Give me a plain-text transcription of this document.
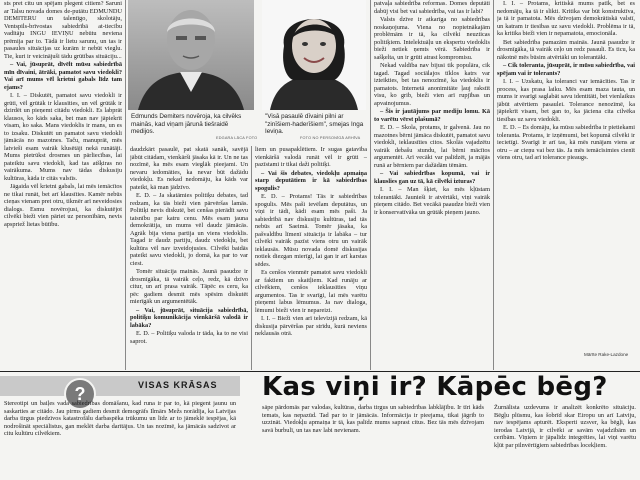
sts pret citu un spējam plegent citiem? Saruni ar Talsu novada domes de-putātu EDMUNDU DEMITERU un talentīgo, skolotāju, Ventspils-brīvostas sabiedrībā at-tiecību vadītāju INGU IEVIŅU nebūtu neviena prēmija par to. Tādā ir lietu sarunu, un tas ir pasaules situācijas uz kurām ir nebūt vieglu. Tie, kuri ir veicinājuši tādu grūtības situāciju...

– Vai, jūsuprāt, dīvēlt mūsu sabiedrībā mīn dīvaini, ātrāki, pamatot savu viedokli? Vai arī mums vēl krietni gabals līdz tam ejams?

I. I. – Diskutēt, pamatot savu viedokli ir grūti, vēl grūtāk ir klausīties, un vēl grūtāk ir dzirdēt un pieņemt citādu viedokli. Es labprāt klausos, ko kāds saka, bet man nav jāpiekrīt visam, ko saka. Mans viedoklis ir mans, un es to izsaku. Diskutēt un pamatot savu viedokli jāmācās no mazotnes. Taču, manuprāt, mēs latvieši esam vairāk klusētāji nekā runātāji. Mums pietrūkst drosmes un pārliecības, lai pateiktu savu viedokli, kad tas atšķiras no vairākuma. Mums nav tādas diskusiju kultūras, kāda ir citās valstīs.

Jāgaida vēl krietni gabals, lai mēs iemācītos ne tikai runāt, bet arī klausīties. Kamēr nebūs cieņas vienam pret otru, tikmēr arī neveidosies dialogs. Esmu novērojusi, ka diskutējot cilvēki bieži vien pāriet uz personībām, nevis apspriež lietas būtību.

Edmunds Demiters novēroja, ka cilvēks mainās, kad viņam jārunā tiešraidē medijos.
EDGARA LĀCA FOTO
"Visā pasaulē dīvaini pilni ar "zinīšiem-haderīšiem", smejas Inga Ieviņa.
FOTO NO PERSONĪGĀ ARHĪVA

daudzkārt pasaulē, pat skatā sanāk, savējā jābūt citādam, vienkārši jāsaka kā ir. Un ne tas nozīmē, ka mēs esam vieglāk pieejami. Un nevaru iedomāties, ka nevar būt dažādu viedokļu. Es nekad nedomāju, ka kāds var pateikt, kā man jādzīvo.

E. D. – Ja skatāmies politiķu debates, tad redzam, ka tās bieži vien pārvēršas lamās. Politiķi nevis diskutē, bet cenšas pierādīt savu taisnību par katru cenu. Mēs esam jauna demokrātija, un mums vēl daudz jāmācās. Agrāk bija viena partija un viens viedoklis. Tagad ir daudz partiju, daudz viedokļu, bet kultūra vēl nav izveidojusies. Cilvēki baidās pateikt savu viedokli, jo domā, ka par to var ciest.

Tomēr situācija mainās. Jaunā paaudze ir drosmīgāka, tā vairāk ceļo, redz, kā dzīvo citur, un arī prasa vairāk. Tāpēc es ceru, ka pēc gadiem desmit mēs spēsim diskutēt mierīgāk un argumentētāk.

– Vai, jūsuprāt, situācija sabiedrībā, politiķu komunikācija vienkāršā valodā ir labāka?

E. D. – Politiķu valoda ir tāda, ka to ne visi saprot.

liem un pusapaklētiem. Ir sugas gatavība vienkāršā valodā runāt vēl ir grūti – pazīstami ir tikai daži politiķi.

– Vai šis debates, viedokļu apmaiņa starp deputātiem ir kā sabiedrības spogulis?

E. D. – Protams! Tās ir sabiedrības spogulis. Mēs paši ievēlam deputātus, un viņi ir tādi, kādi esam mēs paši. Ja sabiedrībā nav diskusiju kultūras, tad tās nebūs arī Saeimā. Tomēr jāsaka, ka pašvaldību līmenī situācija ir labāka – tur cilvēki vairāk pazīst viens otru un vairāk ieklausās. Mūsu novada domē diskusijas notiek diezgan mierīgi, lai gan ir arī karstas sēdes.

Es cenšos vienmēr pamatot savu viedokli ar faktiem un skaitļiem. Kad runāju ar cilvēkiem, cenšos ieklausīties viņu argumentos. Tas ir svarīgi, lai mēs varētu pieņemt labus lēmumus. Ja nav dialoga, lēmumi bieži vien ir nepareizi.

I. I. – Bieži vien arī televīzijā redzam, kā diskusija pārvēršas par strīdu, kurā neviens neklausās otrā.

patvaļa sabiedrība reformas. Domes deputāti dabūj visi bet vai sabiedrība, vai tas ir labi?

Valsts dzīve ir atkarīga no sabiedrības noskaņojuma. Viena no nopietnākajām problēmām ir tā, ka cilvēki neuzticas politiķiem. Intelektuāļu un ekspertu viedoklis bieži netiek ņemts vērā. Sabiedrība ir sašķelta, un ir grūti atrast kompromisu.

Nekad valdība nav bijusi tik populāra, cik tagad. Tagad sociālajos tīklos katrs var izteikties, bet tas nenozīmē, ka viedoklis ir pamatots. Internetā anonimitāte ļauj rakstīt visu, ko grib, bieži vien arī rupjības un apvainojumus.

– Šis ir jautājums par mediju lomu. Kā to varētu vērst plašumā?

E. D. – Skola, protams, ir galvenā. Jau no mazotnes bērni jāmāca diskutēt, pamatot savu viedokli, ieklausīties citos. Skolās vajadzētu vairāk debašu stundu, lai bērni mācītos argumentēt. Arī vecāki var palīdzēt, ja mājās runā ar bērniem par dažādām tēmām.

– Vai sabiedrības kopumā, vai ir klauslies gan uz tā, kā cilvēki izturas?

I. I. – Man šķiet, ka mēs kļūstam tolerantāki. Jaunieši ir atvērtāki, viņi vairāk pieņem citādo. Bet vecākā paaudze bieži vien ir konservatīvāka un grūtāk pieņem jauno.

I. I. – Protams, kritiskā mums patīk, bet es nedomāju, ka tā ir slikti. Kritika var būt konstruktīva, ja tā ir pamatota. Mēs dzīvojam demokrātiskā valstī, un katram ir tiesības uz savu viedokli. Problēma ir tā, ka kritika bieži vien ir nepamatota, emocionāla.

Bet sabiedrība pamazām mainās. Jaunā paaudze ir drosmīgāka, tā vairāk ceļo un redz pasauli. Es ticu, ka nākotnē mēs būsim atvērtāki un tolerantāki.

– Cik toleranta, jūsuprāt, ir mūsu sabiedrība, vai spējam vai ir tolerants?

I. I. – Uzskatu, ka toleranci var iemācīties. Tas ir process, kas prasa laiku. Mēs esam maza tauta, un mums ir svarīgi saglabāt savu identitāti, bet vienlaikus jābūt atvērtiem pasaulei. Tolerance nenozīmē, ka jāpiekrīt visam, bet gan to, ka jāciena cita cilvēka tiesības uz savu viedokli.

E. D. – Es domāju, ka mūsu sabiedrība ir pietiekami toleranta. Protams, ir izņēmumi, bet kopumā cilvēki ir iecietīgi. Svarīgi ir arī tas, kā mēs runājam viens ar otru – ar cieņu vai bez tās. Ja mēs iemācīsimies cienīt viens otru, tad arī tolerance pieaugs.

Mārīte Rake-Lazdone
?	VISAS KRĀSAS Kas viņi ir? Kāpēc bēg?

Stereotipi un baiļes vada sabiedrības domāšanu, kad runa ir par to, kā piegent jaunu un saskarties ar citādo. Jau pirms gadiem desmit demogrāfs Ilmārs Mežs norādīja, ka Latvijas darba tirgus piedzīvos katastrofālu darbaspēka trūkumu un līdz ar to jāmeklē iespējas, kā nodrošināt speciālistus, gan meklēt darba darītājus. Un tas nozīmē, ka jāmācās sadzīvot ar citu kultūru cilvēkiem.

sāpe pārdomās par valodas, kultūras, darba tirgus un sabiedrības labklājību. Ir tīri kāds temats, kas nepazūd. Tad par to ir jāmācās. Informācija ir pieejama, tikai jāgrib to uzzināt. Viedokļu apmaiņa ir tā, kas palīdz mums saprast citus. Bez tās mēs dzīvojam savā burbulī, un tas nav labi nevienam.

Žurnālista uzdevums ir analizēt konkrēto situāciju. Bēgļu plūsmu, kas šobrīd skar Eiropu un arī Latviju, nav iespējams apturēt. Eksperti uzsver, ka bēgļi, kas ierodas Latvijā, ir cilvēki ar savām vajadzībām un cerībām. Viņiem ir jāpalīdz integrēties, lai viņi varētu kļūt par pilnvērtīgiem sabiedrības locekļiem.
